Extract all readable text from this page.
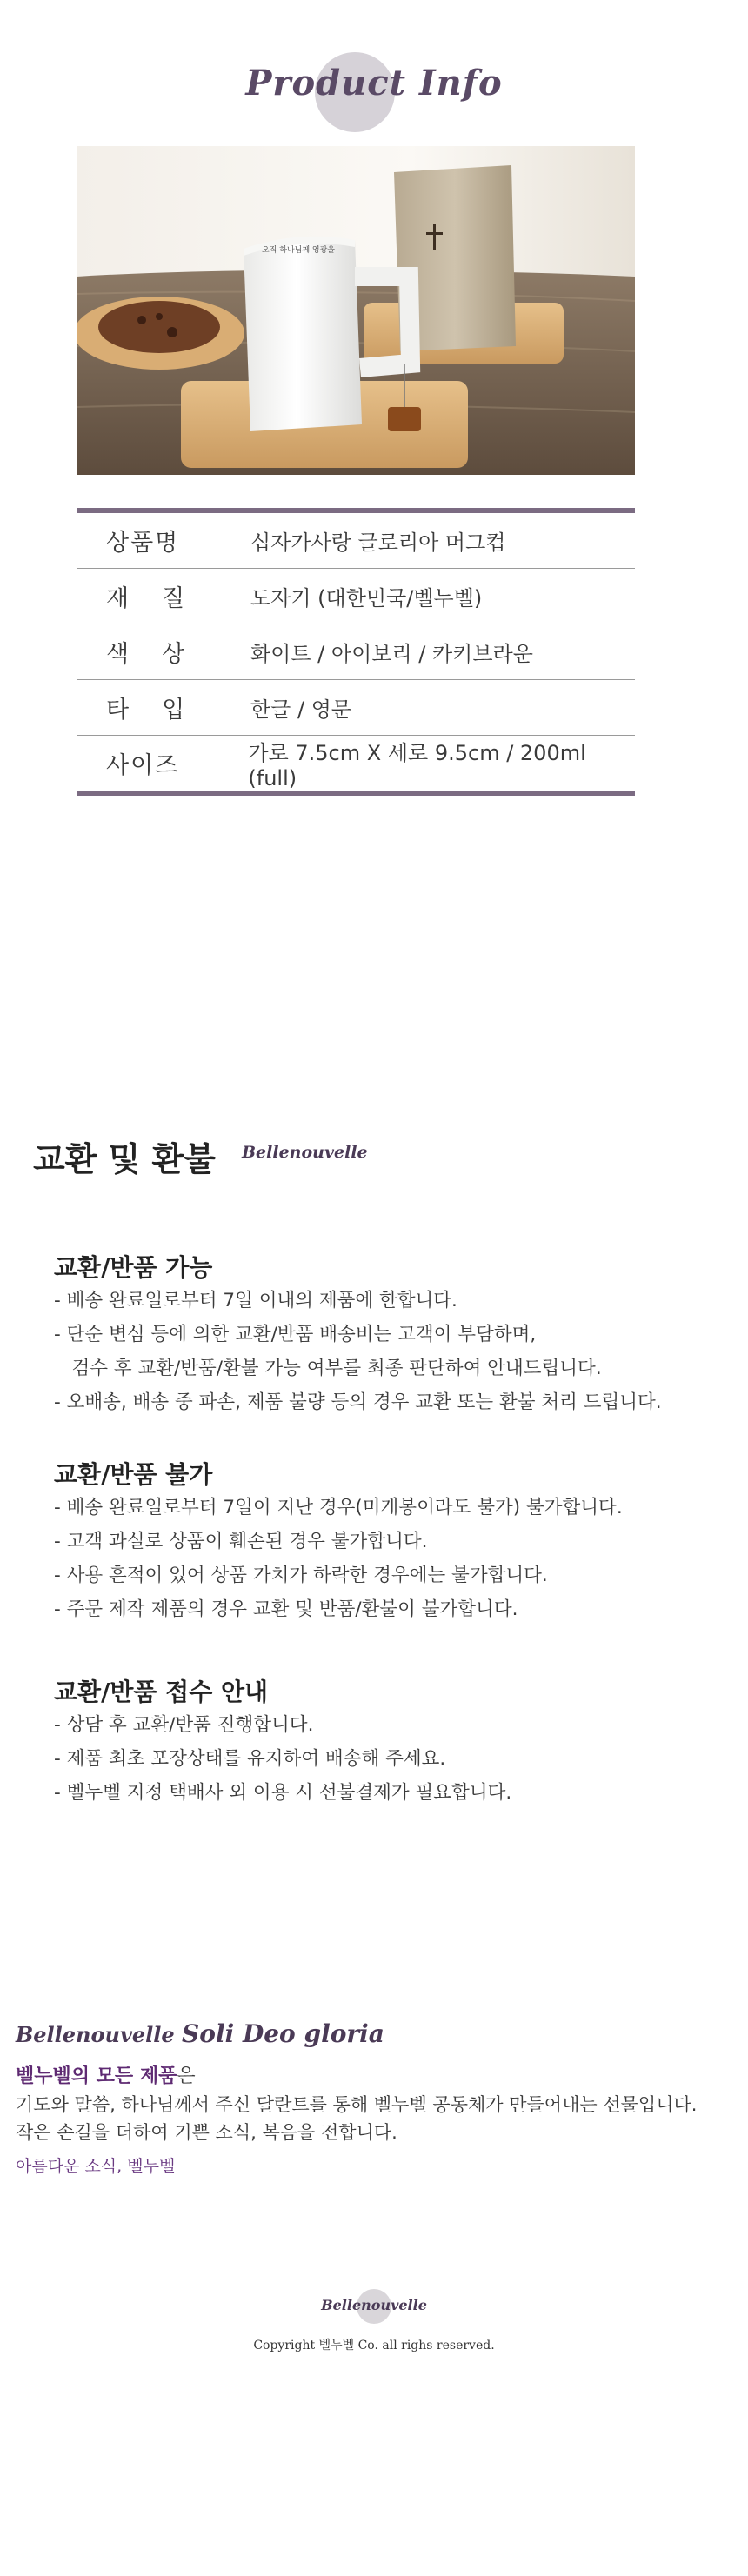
Product Info
오직 하나님께 영광을
상품명	십자가사랑 글로리아 머그컵
재질	도자기 (대한민국/벨누벨)
색상	화이트 / 아이보리 / 카키브라운
타입	한글 / 영문
사이즈	가로 7.5cm X 세로 9.5cm / 200ml (full)
교환 및 환불 Bellenouvelle
교환/반품 가능
- 배송 완료일로부터 7일 이내의 제품에 한합니다.
- 단순 변심 등에 의한 교환/반품 배송비는 고객이 부담하며,
검수 후 교환/반품/환불 가능 여부를 최종 판단하여 안내드립니다.
- 오배송, 배송 중 파손, 제품 불량 등의 경우 교환 또는 환불 처리 드립니다.
교환/반품 불가
- 배송 완료일로부터 7일이 지난 경우(미개봉이라도 불가) 불가합니다.
- 고객 과실로 상품이 훼손된 경우 불가합니다.
- 사용 흔적이 있어 상품 가치가 하락한 경우에는 불가합니다.
- 주문 제작 제품의 경우 교환 및 반품/환불이 불가합니다.
교환/반품 접수 안내
- 상담 후 교환/반품 진행합니다.
- 제품 최초 포장상태를 유지하여 배송해 주세요.
- 벨누벨 지정 택배사 외 이용 시 선불결제가 필요합니다.
Bellenouvelle Soli Deo gloria
벨누벨의 모든 제품은
기도와 말씀, 하나님께서 주신 달란트를 통해 벨누벨 공동체가 만들어내는 선물입니다.
작은 손길을 더하여 기쁜 소식, 복음을 전합니다.
아름다운 소식, 벨누벨
Bellenouvelle
Copyright 벨누벨 Co. all righs reserved.
